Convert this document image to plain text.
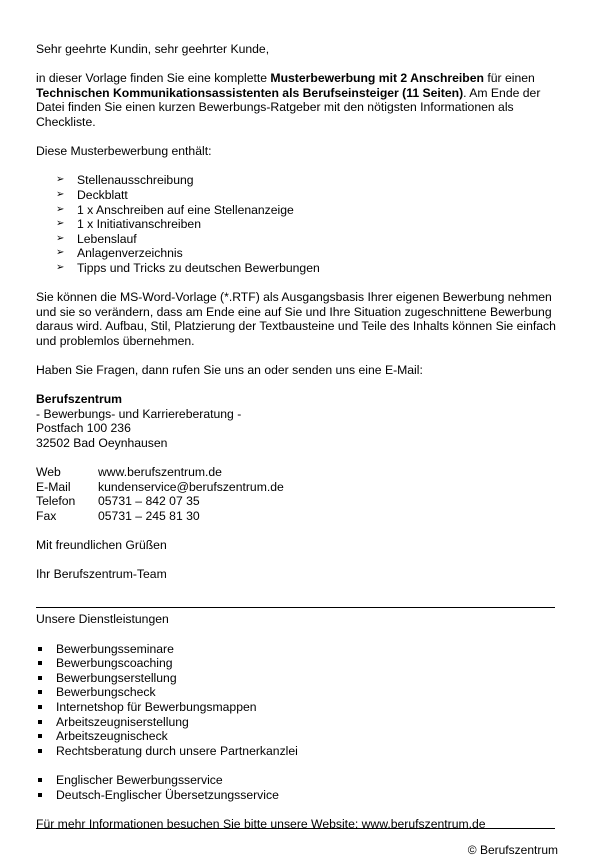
Sehr geehrte Kundin, sehr geehrter Kunde,

in dieser Vorlage finden Sie eine komplette Musterbewerbung mit 2 Anschreiben für einen Technischen Kommunikationsassistenten als Berufseinsteiger (11 Seiten). Am Ende der Datei finden Sie einen kurzen Bewerbungs-Ratgeber mit den nötigsten Informationen als Checkliste.

Diese Musterbewerbung enthält:

➢ Stellenausschreibung
➢ Deckblatt
➢ 1 x Anschreiben auf eine Stellenanzeige
➢ 1 x Initiativanschreiben
➢ Lebenslauf
➢ Anlagenverzeichnis
➢ Tipps und Tricks zu deutschen Bewerbungen

Sie können die MS-Word-Vorlage (*.RTF) als Ausgangsbasis Ihrer eigenen Bewerbung nehmen und sie so verändern, dass am Ende eine auf Sie und Ihre Situation zugeschnittene Bewerbung daraus wird. Aufbau, Stil, Platzierung der Textbausteine und Teile des Inhalts können Sie einfach und problemlos übernehmen.

Haben Sie Fragen, dann rufen Sie uns an oder senden uns eine E-Mail:

Berufszentrum

- Bewerbungs- und Karriereberatung -

Postfach 100 236

32502 Bad Oeynhausen

Web	www.berufszentrum.de
E-Mail	kundenservice@berufszentrum.de
Telefon	05731 – 842 07 35
Fax	05731 – 245 81 30

Mit freundlichen Grüßen

Ihr Berufszentrum-Team

Unsere Dienstleistungen

Bewerbungsseminare
Bewerbungscoaching
Bewerbungserstellung
Bewerbungscheck
Internetshop für Bewerbungsmappen
Arbeitszeugniserstellung
Arbeitszeugnischeck
Rechtsberatung durch unsere Partnerkanzlei
Englischer Bewerbungsservice
Deutsch-Englischer Übersetzungsservice

Für mehr Informationen besuchen Sie bitte unsere Website: www.berufszentrum.de

© Berufszentrum
